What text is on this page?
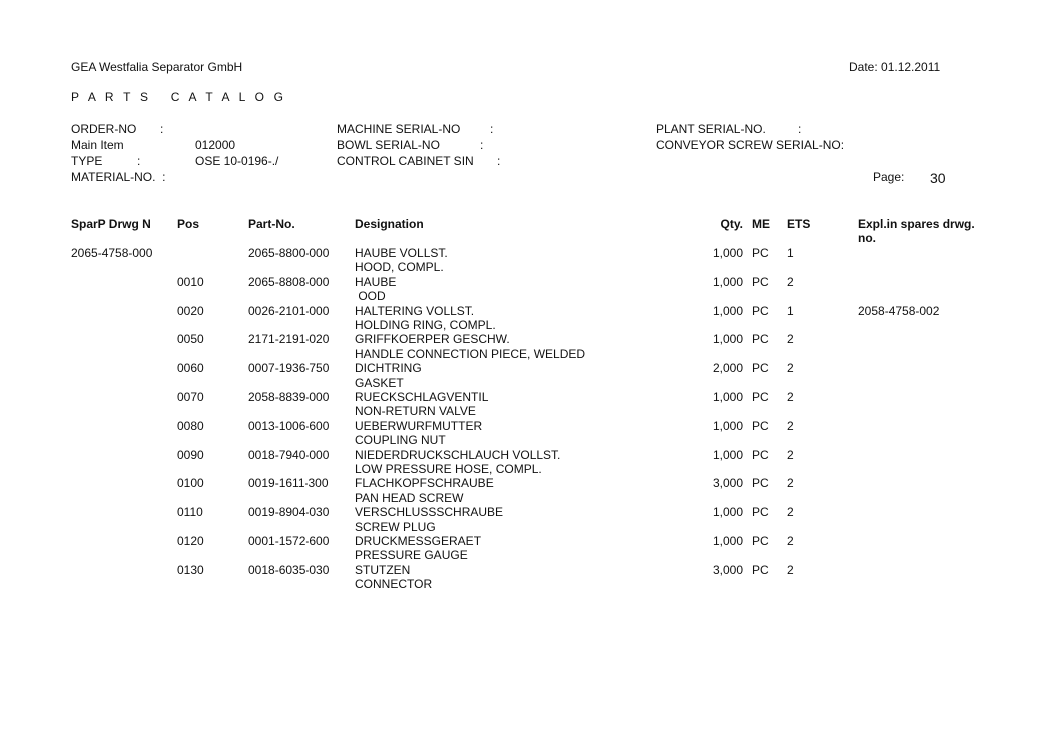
GEA Westfalia Separator GmbH	Date: 01.12.2011
P A R T S   C A T A L O G
ORDER-NO :
Main Item	012000
TYPE	:	OSE 10-0196-./
MATERIAL-NO.  :
MACHINE SERIAL-NO :
BOWL SERIAL-NO	:
CONTROL CABINET SIN :
PLANT SERIAL-NO.	:
CONVEYOR SCREW SERIAL-NO:
Page: 30
SparP Drwg N Pos	Part-No.	Designation	Qty. ME ETS	Expl.in spares drwg.
no.
2065-4758-000	2065-8800-000 HAUBE VOLLST.
HOOD, COMPL.
1,000 PC 1
0010	2065-8808-000 HAUBE
OOD
1,000 PC 2
0020	0026-2101-000 HALTERING VOLLST.
HOLDING RING, COMPL.
1,000 PC 1	2058-4758-002
0050	2171-2191-020 GRIFFKOERPER GESCHW.
HANDLE CONNECTION PIECE, WELDED
1,000 PC 2
0060	0007-1936-750 DICHTRING
GASKET
2,000 PC 2
0070	2058-8839-000 RUECKSCHLAGVENTIL
NON-RETURN VALVE
1,000 PC 2
0080	0013-1006-600 UEBERWURFMUTTER
COUPLING NUT
1,000 PC 2
0090	0018-7940-000 NIEDERDRUCKSCHLAUCH VOLLST.
LOW PRESSURE HOSE, COMPL.
1,000 PC 2
0100	0019-1611-300 FLACHKOPFSCHRAUBE
PAN HEAD SCREW
3,000 PC 2
0110	0019-8904-030 VERSCHLUSSSCHRAUBE
SCREW PLUG
1,000 PC 2
0120	0001-1572-600 DRUCKMESSGERAET
PRESSURE GAUGE
1,000 PC 2
0130	0018-6035-030 STUTZEN
CONNECTOR
3,000 PC 2
